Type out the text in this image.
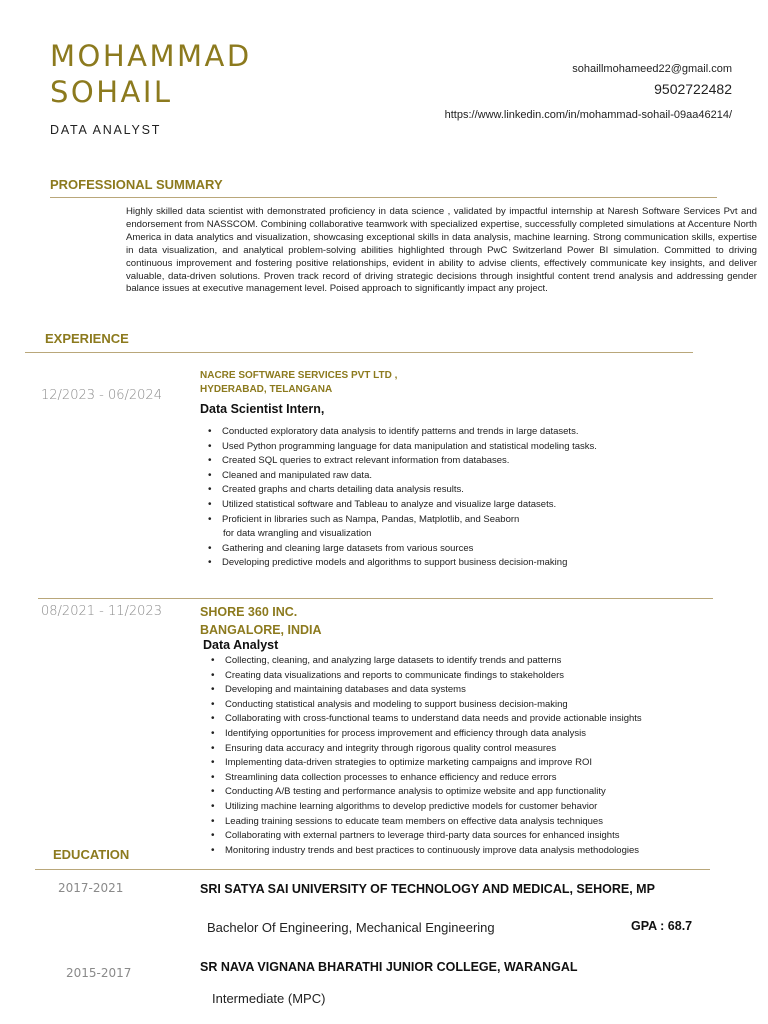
MOHAMMAD
SOHAIL
DATA ANALYST
sohaillmohameed22@gmail.com
9502722482
https://www.linkedin.com/in/mohammad-sohail-09aa46214/
PROFESSIONAL SUMMARY
Highly skilled data scientist with demonstrated proficiency in data science , validated by impactful internship at Naresh Software Services Pvt and endorsement from NASSCOM. Combining collaborative teamwork with specialized expertise, successfully completed simulations at Accenture North America in data analytics and visualization, showcasing exceptional skills in data analysis, machine learning. Strong communication skills, expertise in data visualization, and analytical problem-solving abilities highlighted through PwC Switzerland Power BI simulation. Committed to driving continuous improvement and fostering positive relationships, evident in ability to advise clients, effectively communicate key insights, and deliver valuable, data-driven solutions. Proven track record of driving strategic decisions through insightful content trend analysis and addressing gender balance issues at executive management level. Poised approach to significantly impact any project.
EXPERIENCE
12/2023 - 06/2024
NACRE SOFTWARE SERVICES PVT LTD ,
HYDERABAD, TELANGANA
Data Scientist Intern,
• Conducted exploratory data analysis to identify patterns and trends in large datasets.
• Used Python programming language for data manipulation and statistical modeling tasks.
• Created SQL queries to extract relevant information from databases.
• Cleaned and manipulated raw data.
• Created graphs and charts detailing data analysis results.
• Utilized statistical software and Tableau to analyze and visualize large datasets.
• Proficient in libraries such as Nampa, Pandas, Matplotlib, and Seaborn
for data wrangling and visualization
• Gathering and cleaning large datasets from various sources
• Developing predictive models and algorithms to support business decision-making
08/2021 - 11/2023	SHORE 360 INC.
BANGALORE, INDIA
Data Analyst
• Collecting, cleaning, and analyzing large datasets to identify trends and patterns
• Creating data visualizations and reports to communicate findings to stakeholders
• Developing and maintaining databases and data systems
• Conducting statistical analysis and modeling to support business decision-making
• Collaborating with cross-functional teams to understand data needs and provide actionable insights
• Identifying opportunities for process improvement and efficiency through data analysis
• Ensuring data accuracy and integrity through rigorous quality control measures
• Implementing data-driven strategies to optimize marketing campaigns and improve ROI
• Streamlining data collection processes to enhance efficiency and reduce errors
• Conducting A/B testing and performance analysis to optimize website and app functionality
• Utilizing machine learning algorithms to develop predictive models for customer behavior
• Leading training sessions to educate team members on effective data analysis techniques
• Collaborating with external partners to leverage third-party data sources for enhanced insights
• Monitoring industry trends and best practices to continuously improve data analysis methodologies
EDUCATION
2017-2021	SRI SATYA SAI UNIVERSITY OF TECHNOLOGY AND MEDICAL, SEHORE, MP
Bachelor Of Engineering, Mechanical Engineering	GPA : 68.7
2015-2017	SR NAVA VIGNANA BHARATHI JUNIOR COLLEGE, WARANGAL
Intermediate (MPC)
